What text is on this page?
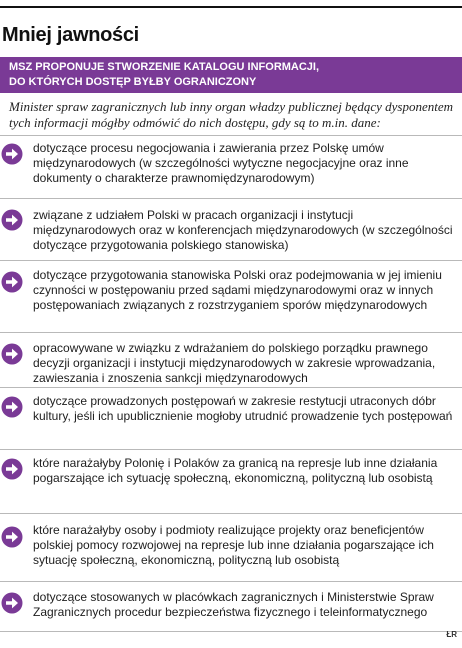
Mniej jawności
MSZ PROPONUJE STWORZENIE KATALOGU INFORMACJI,
DO KTÓRYCH DOSTĘP BYŁBY OGRANICZONY
Minister spraw zagranicznych lub inny organ władzy publicznej będący dysponentem tych informacji mógłby odmówić do nich dostępu, gdy są to m.in. dane:
dotyczące procesu negocjowania i zawierania przez Polskę umów międzynarodowych (w szczególności wytyczne negocjacyjne oraz inne dokumenty o charakterze prawnomiędzynarodowym)
związane z udziałem Polski w pracach organizacji i instytucji międzynarodowych oraz w konferencjach międzynarodowych (w szczególności dotyczące przygotowania polskiego stanowiska)
dotyczące przygotowania stanowiska Polski oraz podejmowania w jej imieniu czynności w postępowaniu przed sądami międzynarodowymi oraz w innych postępowaniach związanych z rozstrzyganiem sporów międzynarodowych
opracowywane w związku z wdrażaniem do polskiego porządku prawnego decyzji organizacji i instytucji międzynarodowych w zakresie wprowadzania, zawieszania i znoszenia sankcji międzynarodowych
dotyczące prowadzonych postępowań w zakresie restytucji utraconych dóbr kultury, jeśli ich upublicznienie mogłoby utrudnić prowadzenie tych postępowań
które narażałyby Polonię i Polaków za granicą na represje lub inne działania pogarszające ich sytuację społeczną, ekonomiczną, polityczną lub osobistą
które narażałyby osoby i podmioty realizujące projekty oraz beneficjentów polskiej pomocy rozwojowej na represje lub inne działania pogarszające ich sytuację społeczną, ekonomiczną, polityczną lub osobistą
dotyczące stosowanych w placówkach zagranicznych i Ministerstwie Spraw Zagranicznych procedur bezpieczeństwa fizycznego i teleinformatycznego
ŁR
